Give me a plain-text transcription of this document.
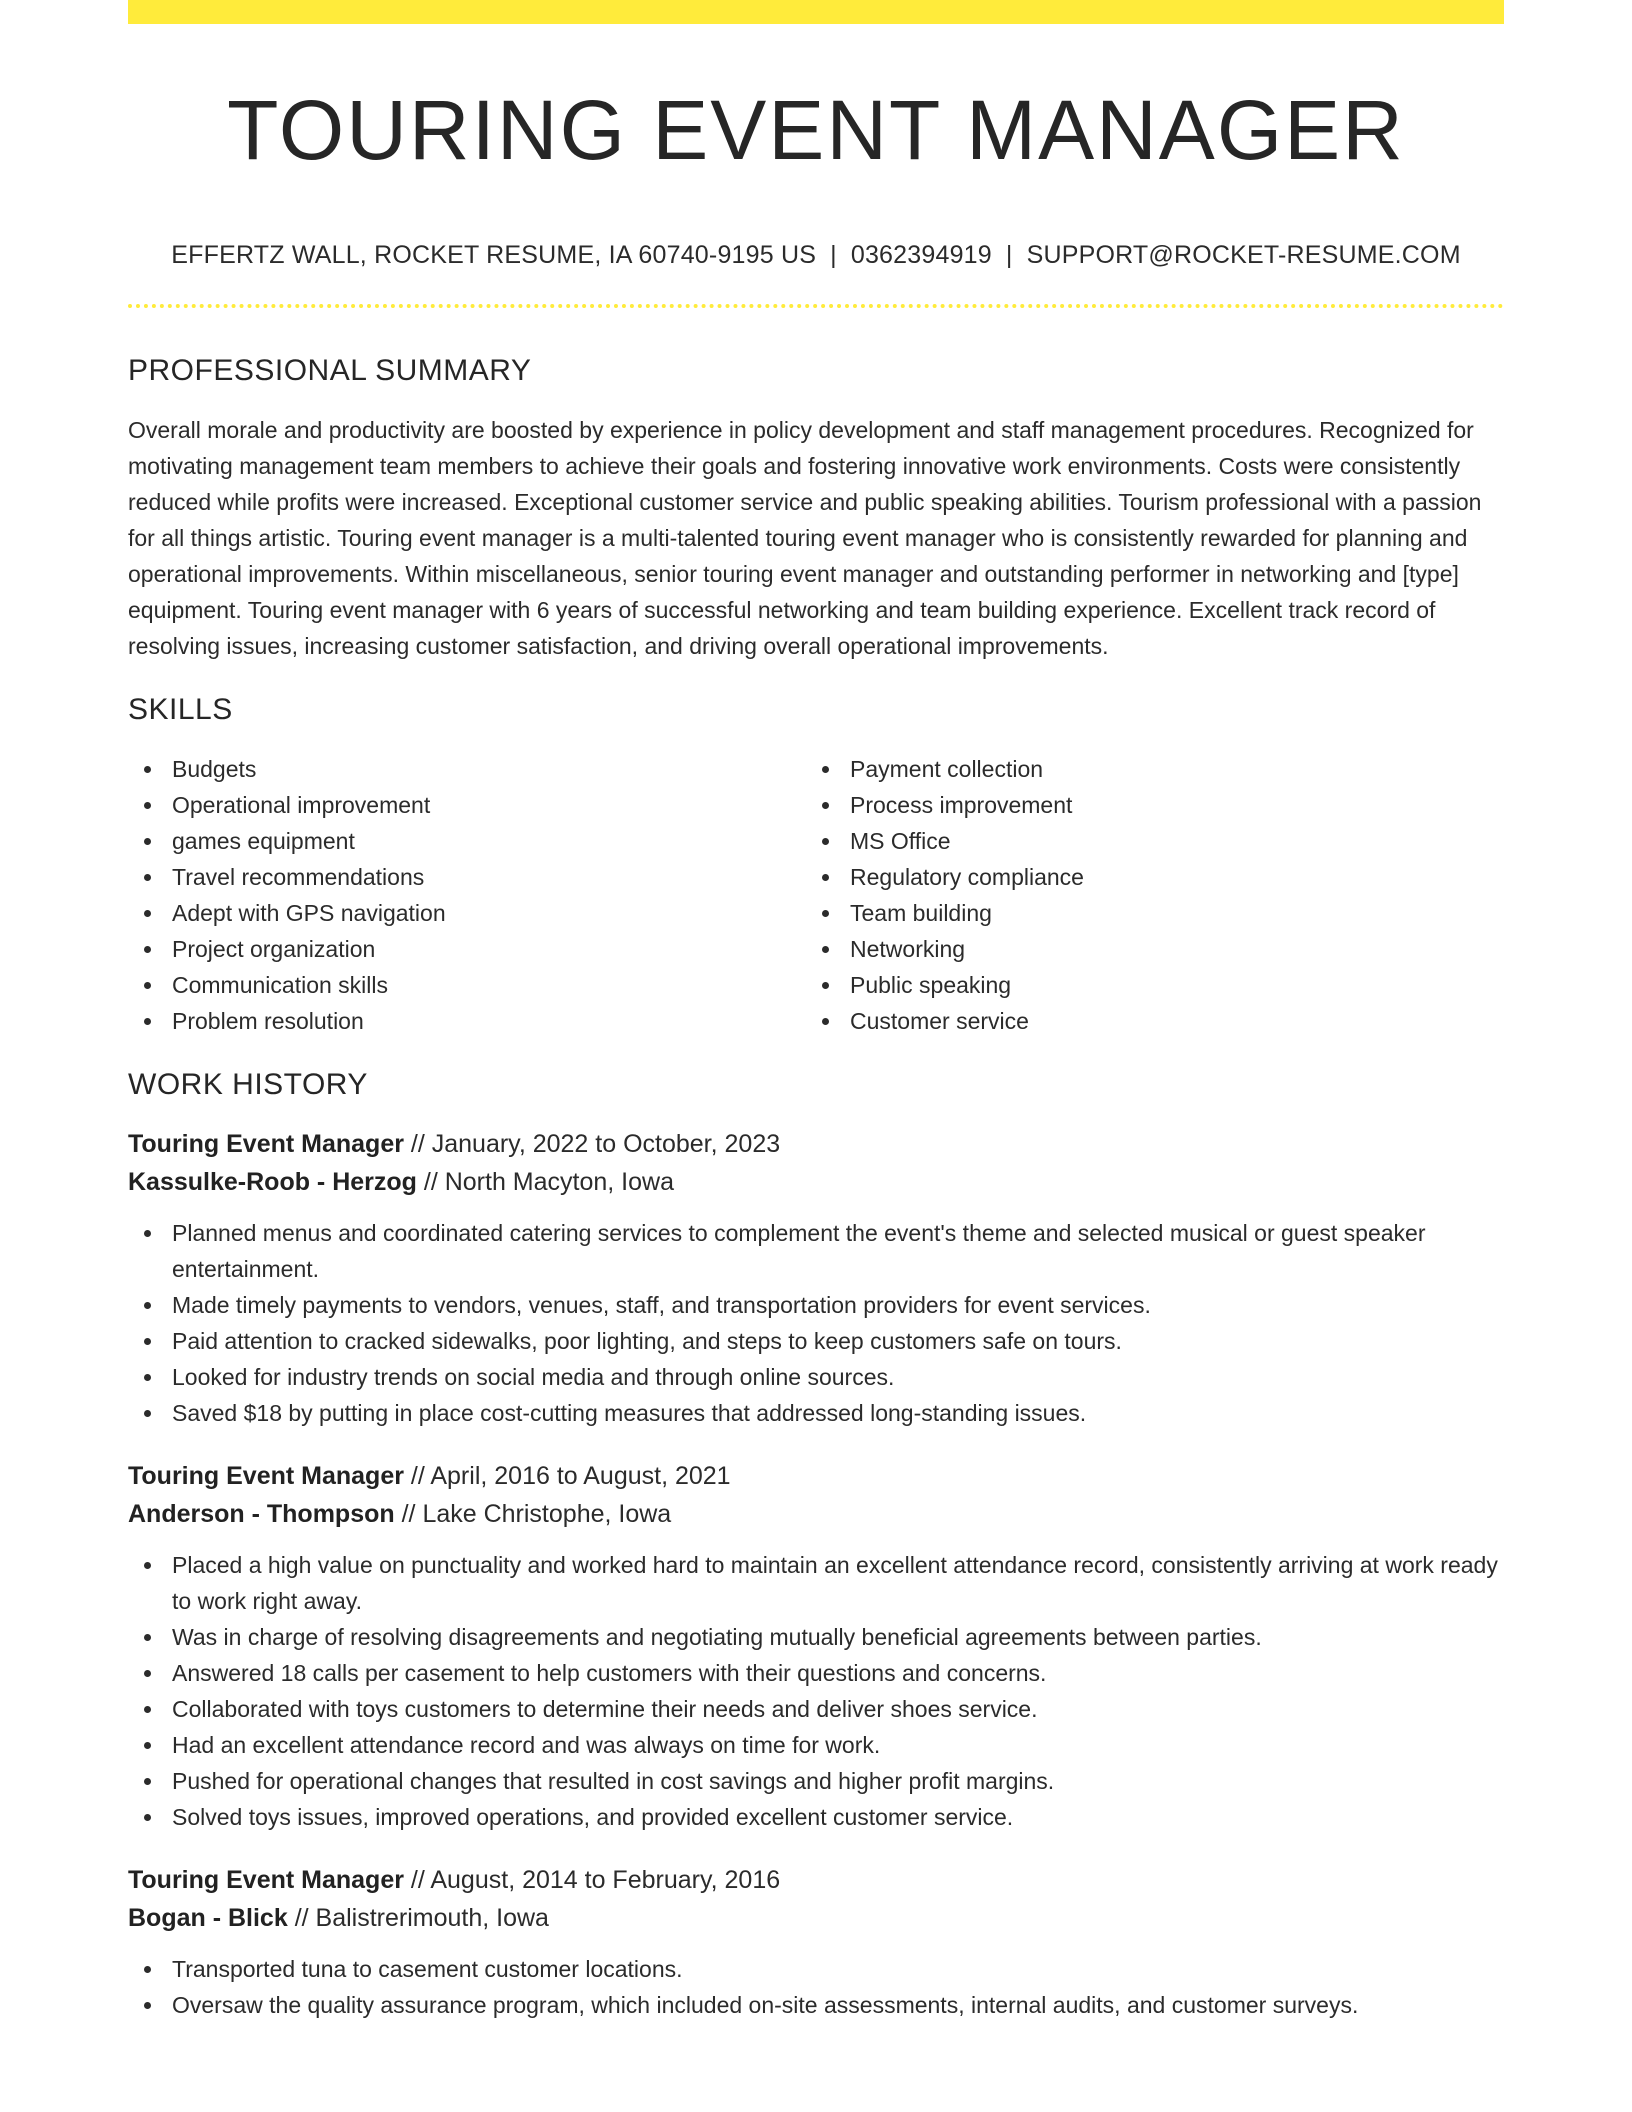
TOURING EVENT MANAGER
EFFERTZ WALL, ROCKET RESUME, IA 60740-9195 US | 0362394919 | SUPPORT@ROCKET-RESUME.COM
PROFESSIONAL SUMMARY

Overall morale and productivity are boosted by experience in policy development and staff management procedures. Recognized for motivating management team members to achieve their goals and fostering innovative work environments. Costs were consistently reduced while profits were increased. Exceptional customer service and public speaking abilities. Tourism professional with a passion for all things artistic. Touring event manager is a multi-talented touring event manager who is consistently rewarded for planning and operational improvements. Within miscellaneous, senior touring event manager and outstanding performer in networking and [type] equipment. Touring event manager with 6 years of successful networking and team building experience. Excellent track record of resolving issues, increasing customer satisfaction, and driving overall operational improvements.

SKILLS
Budgets
Operational improvement
games equipment
Travel recommendations
Adept with GPS navigation
Project organization
Communication skills
Problem resolution
Payment collection
Process improvement
MS Office
Regulatory compliance
Team building
Networking
Public speaking
Customer service
WORK HISTORY
Touring Event Manager // January, 2022 to October, 2023
Kassulke-Roob - Herzog // North Macyton, Iowa
Planned menus and coordinated catering services to complement the event's theme and selected musical or guest speaker entertainment.
Made timely payments to vendors, venues, staff, and transportation providers for event services.
Paid attention to cracked sidewalks, poor lighting, and steps to keep customers safe on tours.
Looked for industry trends on social media and through online sources.
Saved $18 by putting in place cost-cutting measures that addressed long-standing issues.
Touring Event Manager // April, 2016 to August, 2021
Anderson - Thompson // Lake Christophe, Iowa
Placed a high value on punctuality and worked hard to maintain an excellent attendance record, consistently arriving at work ready to work right away.
Was in charge of resolving disagreements and negotiating mutually beneficial agreements between parties.
Answered 18 calls per casement to help customers with their questions and concerns.
Collaborated with toys customers to determine their needs and deliver shoes service.
Had an excellent attendance record and was always on time for work.
Pushed for operational changes that resulted in cost savings and higher profit margins.
Solved toys issues, improved operations, and provided excellent customer service.
Touring Event Manager // August, 2014 to February, 2016
Bogan - Blick // Balistrerimouth, Iowa
Transported tuna to casement customer locations.
Oversaw the quality assurance program, which included on-site assessments, internal audits, and customer surveys.
